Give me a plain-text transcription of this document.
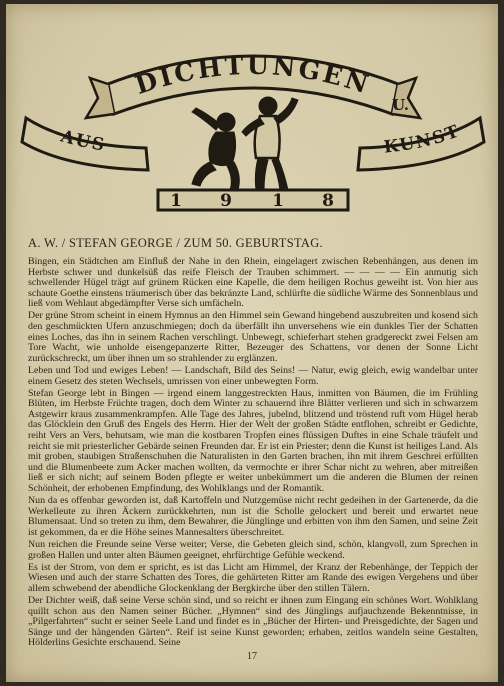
DICHTUNGEN
U.
AUS	KUNST
1 9 1 8
A. W. / STEFAN GEORGE / ZUM 50. GEBURTSTAG.

Bingen, ein Städtchen am Einfluß der Nahe in den Rhein, eingelagert zwischen Rebenhängen, aus denen im Herbste schwer und dunkelsüß das reife Fleisch der Trauben schimmert. — — — — Ein anmutig sich schwellender Hügel trägt auf grünem Rücken eine Kapelle, die dem heiligen Rochus geweiht ist. Von hier aus schaute Goethe einstens träumerisch über das bekränzte Land, schlürfte die südliche Wärme des Sonnenblaus und ließ vom Wehlaut abgedämpfter Verse sich umfächeln.

Der grüne Strom scheint in einem Hymnus an den Himmel sein Gewand hingebend auszubreiten und kosend sich den geschmückten Ufern anzuschmiegen; doch da überfällt ihn unversehens wie ein dunkles Tier der Schatten eines Loches, das ihn in seinem Rachen verschlingt. Unbewegt, schieferhart stehen gradgereckt zwei Felsen am Tore Wacht, wie unholde eisengepanzerte Ritter, Bezeuger des Schattens, vor denen der Sonne Licht zurückschreckt, um über ihnen um so strahlender zu erglänzen.

Leben und Tod und ewiges Leben! — Landschaft, Bild des Seins! — Natur, ewig gleich, ewig wandelbar unter einem Gesetz des steten Wechsels, umrissen von einer unbewegten Form.

Stefan George lebt in Bingen — irgend einem langgestreckten Haus, inmitten von Bäumen, die im Frühling Blüten, im Herbste Früchte tragen, doch dem Winter zu schauernd ihre Blätter verlieren und sich in schwarzem Astgewirr kraus zusammenkrampfen. Alle Tage des Jahres, jubelnd, blitzend und tröstend ruft vom Hügel herab das Glöcklein den Gruß des Engels des Herrn. Hier der Welt der großen Städte entflohen, schreibt er Gedichte, reiht Vers an Vers, behutsam, wie man die kostbaren Tropfen eines flüssigen Duftes in eine Schale träufelt und reicht sie mit priesterlicher Gebärde seinen Freunden dar. Er ist ein Priester; denn die Kunst ist heiliges Land. Als mit groben, staubigen Straßenschuhen die Naturalisten in den Garten brachen, ihn mit ihrem Geschrei erfüllten und die Blumenbeete zum Acker machen wollten, da vermochte er ihrer Schar nicht zu wehren, aber mitreißen ließ er sich nicht; auf seinem Boden pflegte er weiter unbekümmert um die anderen die Blumen der reinen Schönheit, der erhobenen Empfindung, des Wohlklangs und der Romantik.

Nun da es offenbar geworden ist, daß Kartoffeln und Nutzgemüse nicht recht gedeihen in der Gartenerde, da die Werkelleute zu ihren Äckern zurückkehrten, nun ist die Scholle gelockert und bereit und erwartet neue Blumensaat. Und so treten zu ihm, dem Bewahrer, die Jünglinge und erbitten von ihm den Samen, und seine Zeit ist gekommen, da er die Höhe seines Mannesalters überschreitet.

Nun reichen die Freunde seine Verse weiter; Verse, die Gebeten gleich sind, schön, klangvoll, zum Sprechen in großen Hallen und unter alten Bäumen geeignet, ehrfürchtige Gefühle weckend.

Es ist der Strom, von dem er spricht, es ist das Licht am Himmel, der Kranz der Rebenhänge, der Teppich der Wiesen und auch der starre Schatten des Tores, die gehärteten Ritter am Rande des ewigen Vergehens und über allem schwebend der abendliche Glockenklang der Bergkirche über den stillen Tälern.

Der Dichter weiß, daß seine Verse schön sind, und so reicht er ihnen zum Eingang ein schönes Wort. Wohlklang quillt schon aus den Namen seiner Bücher. „Hymnen“ sind des Jünglings aufjauchzende Bekenntnisse, in „Pilgerfahrten“ sucht er seiner Seele Land und findet es in „Bücher der Hirten- und Preisgedichte, der Sagen und Sänge und der hängenden Gärten“. Reif ist seine Kunst geworden; erhaben, zeitlos wandeln seine Gestalten, Hölderlins Gesichte erschauend. Seine

17
